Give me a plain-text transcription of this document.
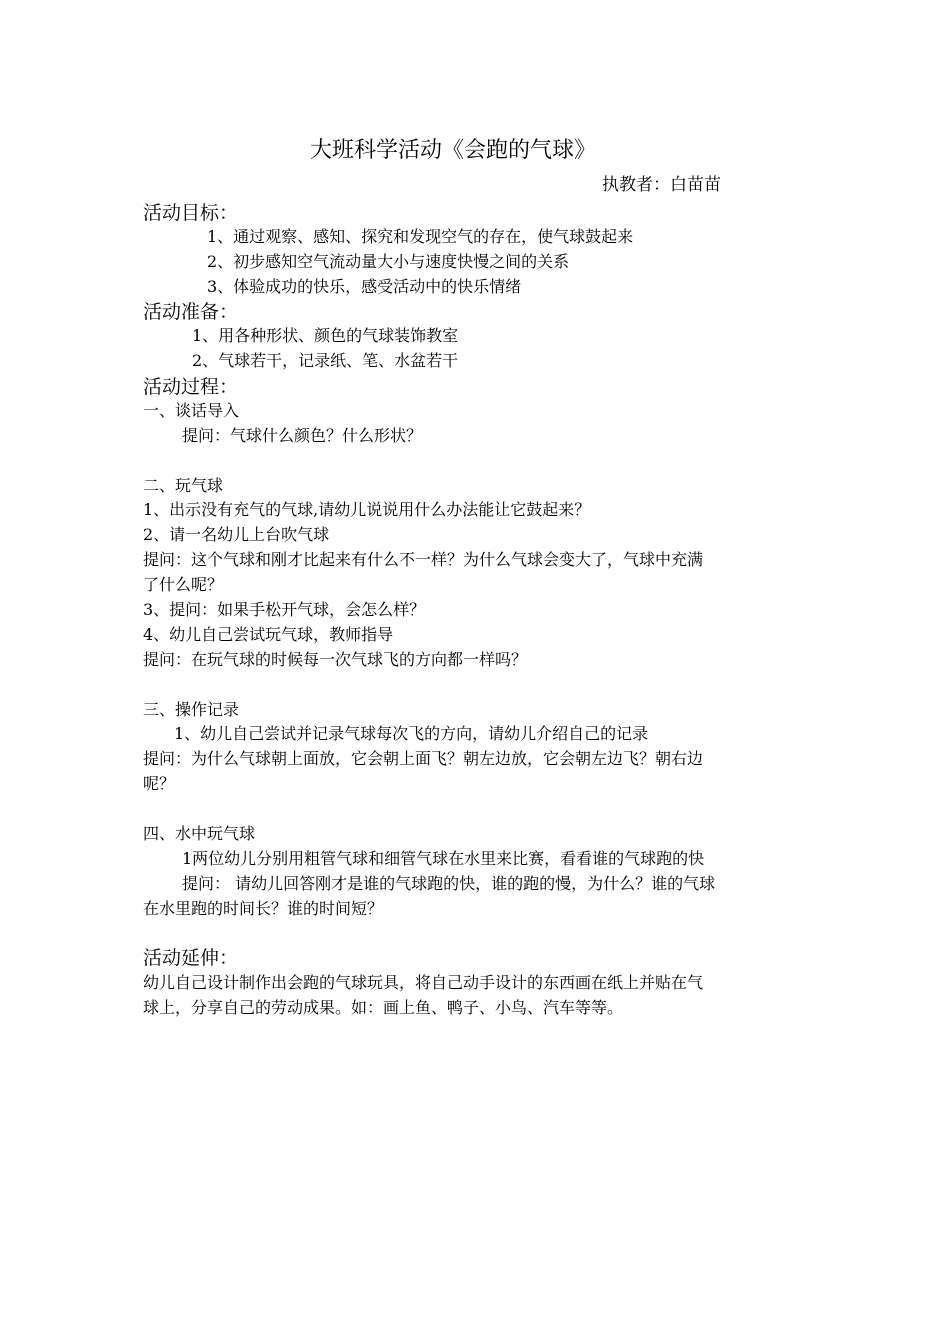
大班科学活动《会跑的气球》
执教者：白苗苗
活动目标：
1、通过观察、感知、探究和发现空气的存在，使气球鼓起来
2、初步感知空气流动量大小与速度快慢之间的关系
3、体验成功的快乐，感受活动中的快乐情绪
活动准备：
1、用各种形状、颜色的气球装饰教室
2、气球若干，记录纸、笔、水盆若干
活动过程：
一、谈话导入
提问：气球什么颜色？什么形状？
二、玩气球
1、出示没有充气的气球,请幼儿说说用什么办法能让它鼓起来？
2、请一名幼儿上台吹气球
提问：这个气球和刚才比起来有什么不一样？为什么气球会变大了，气球中充满
了什么呢？
3、提问：如果手松开气球，会怎么样？
4、幼儿自己尝试玩气球，教师指导
提问：在玩气球的时候每一次气球飞的方向都一样吗？
三、操作记录
1、幼儿自己尝试并记录气球每次飞的方向，请幼儿介绍自己的记录
提问：为什么气球朝上面放，它会朝上面飞？朝左边放，它会朝左边飞？朝右边
呢？
四、水中玩气球
1两位幼儿分别用粗管气球和细管气球在水里来比赛，看看谁的气球跑的快
提问： 请幼儿回答刚才是谁的气球跑的快，谁的跑的慢，为什么？谁的气球
在水里跑的时间长？谁的时间短？
活动延伸：
幼儿自己设计制作出会跑的气球玩具，将自己动手设计的东西画在纸上并贴在气
球上，分享自己的劳动成果。如：画上鱼、鸭子、小鸟、汽车等等。
